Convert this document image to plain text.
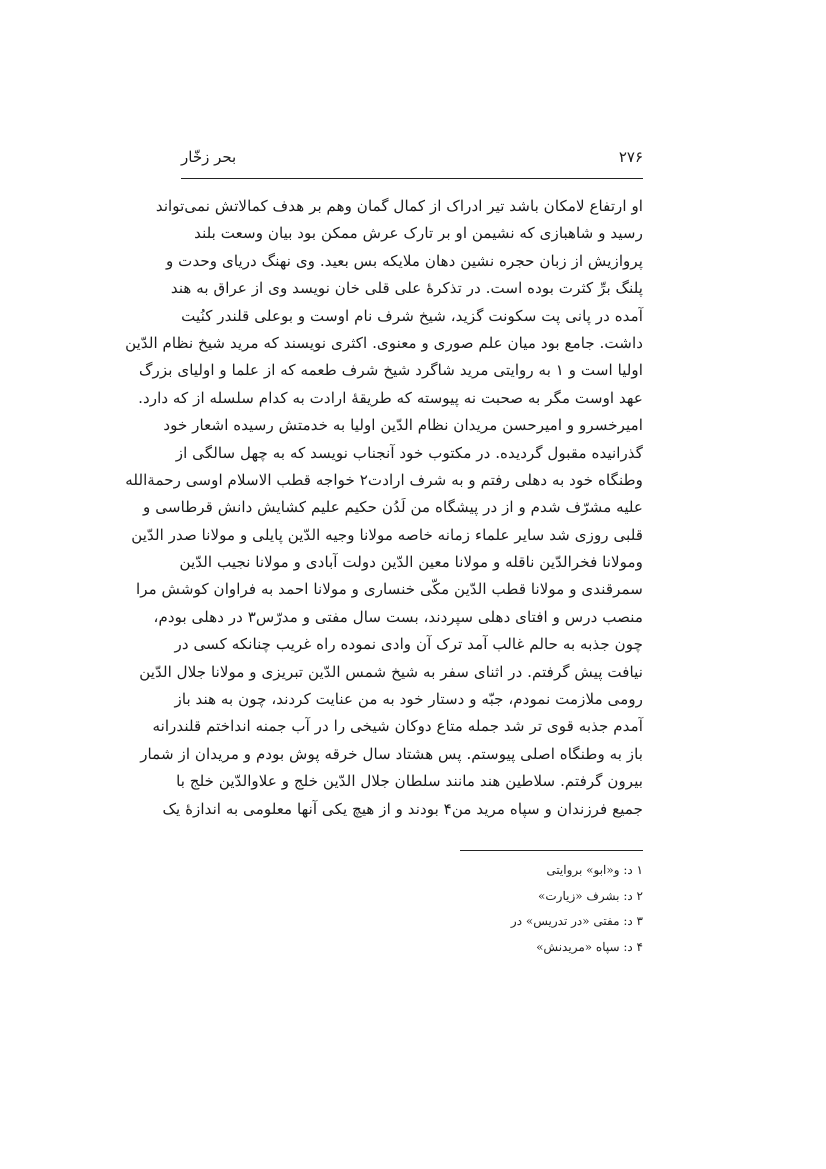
۲۷۶
بحر زخّار
او ارتفاع لامکان باشد تیر ادراک از کمال گمان وهم بر هدف کمالاتش نمی‌تواند
رسید و شاهبازی که نشیمن او بر تارک عرش ممکن بود بیان وسعت بلند
پروازیش از زبان حجره نشین دهان ملایکه بس بعید. وی نهنگ دریای وحدت و
پلنگ برِّ کثرت بوده است. در تذکرهٔ علی قلی خان نویسد وی از عراق به هند
آمده در پانی پت سکونت گزید، شیخ شرف نام اوست و بوعلی قلندر کنُیت
داشت. جامع بود میان علم صوری و معنوی. اکثری نویسند که مرید شیخ نظام الدّین
اولیا است و ۱ به روایتی مرید شاگرد شیخ شرف طعمه که از علما و اولیای بزرگ
عهد اوست مگر به صحبت نه پیوسته که طریقهٔ ارادت به کدام سلسله از که دارد.
امیرخسرو و امیرحسن مریدان نظام الدّین اولیا به خدمتش رسیده اشعار خود
گذرانیده مقبول گردیده. در مکتوب خود آنجناب نویسد که به چهل سالگی از
وطنگاه خود به دهلی رفتم و به شرف ارادت۲ خواجه قطب الاسلام اوسی رحمةالله
علیه مشرّف شدم و از در پیشگاه من لَدُن حکیم علیم کشایش دانش قرطاسی و
قلبی روزی شد سایر علماء زمانه خاصه مولانا وجیه الدّین پایلی و مولانا صدر الدّین
ومولانا فخرالدّین ناقله و مولانا معین الدّین دولت آبادی و مولانا نجیب الدّین
سمرقندی و مولانا قطب الدّین مکّی خنساری و مولانا احمد به فراوان کوشش مرا
منصب درس و افتای دهلی سپردند، بست سال مفتی و مدرّس۳ در دهلی بودم،
چون جذبه به حالم غالب آمد ترک آن وادی نموده راه غریب چنانکه کسی در
نیافت پیش گرفتم. در اثنای سفر به شیخ شمس الدّین تبریزی و مولانا جلال الدّین
رومی ملازمت نمودم، جبّه و دستار خود به من عنایت کردند، چون به هند باز
آمدم جذبه قوی تر شد جمله متاع دوکان شیخی را در آب جمنه انداختم قلندرانه
باز به وطنگاه اصلی پیوستم. پس هشتاد سال خرقه پوش بودم و مریدان از شمار
بیرون گرفتم. سلاطین هند مانند سلطان جلال الدّین خلج و علاوالدّین خلج با
جمیع فرزندان و سپاه مرید من۴ بودند و از هیچ یکی آنها معلومی به اندازهٔ یک
۱ د: و«ابو» بروایتی
۲ د: بشرف «زیارت»
۳ د: مفتی «در تدریس» در
۴ د: سپاه «مریدنش»
